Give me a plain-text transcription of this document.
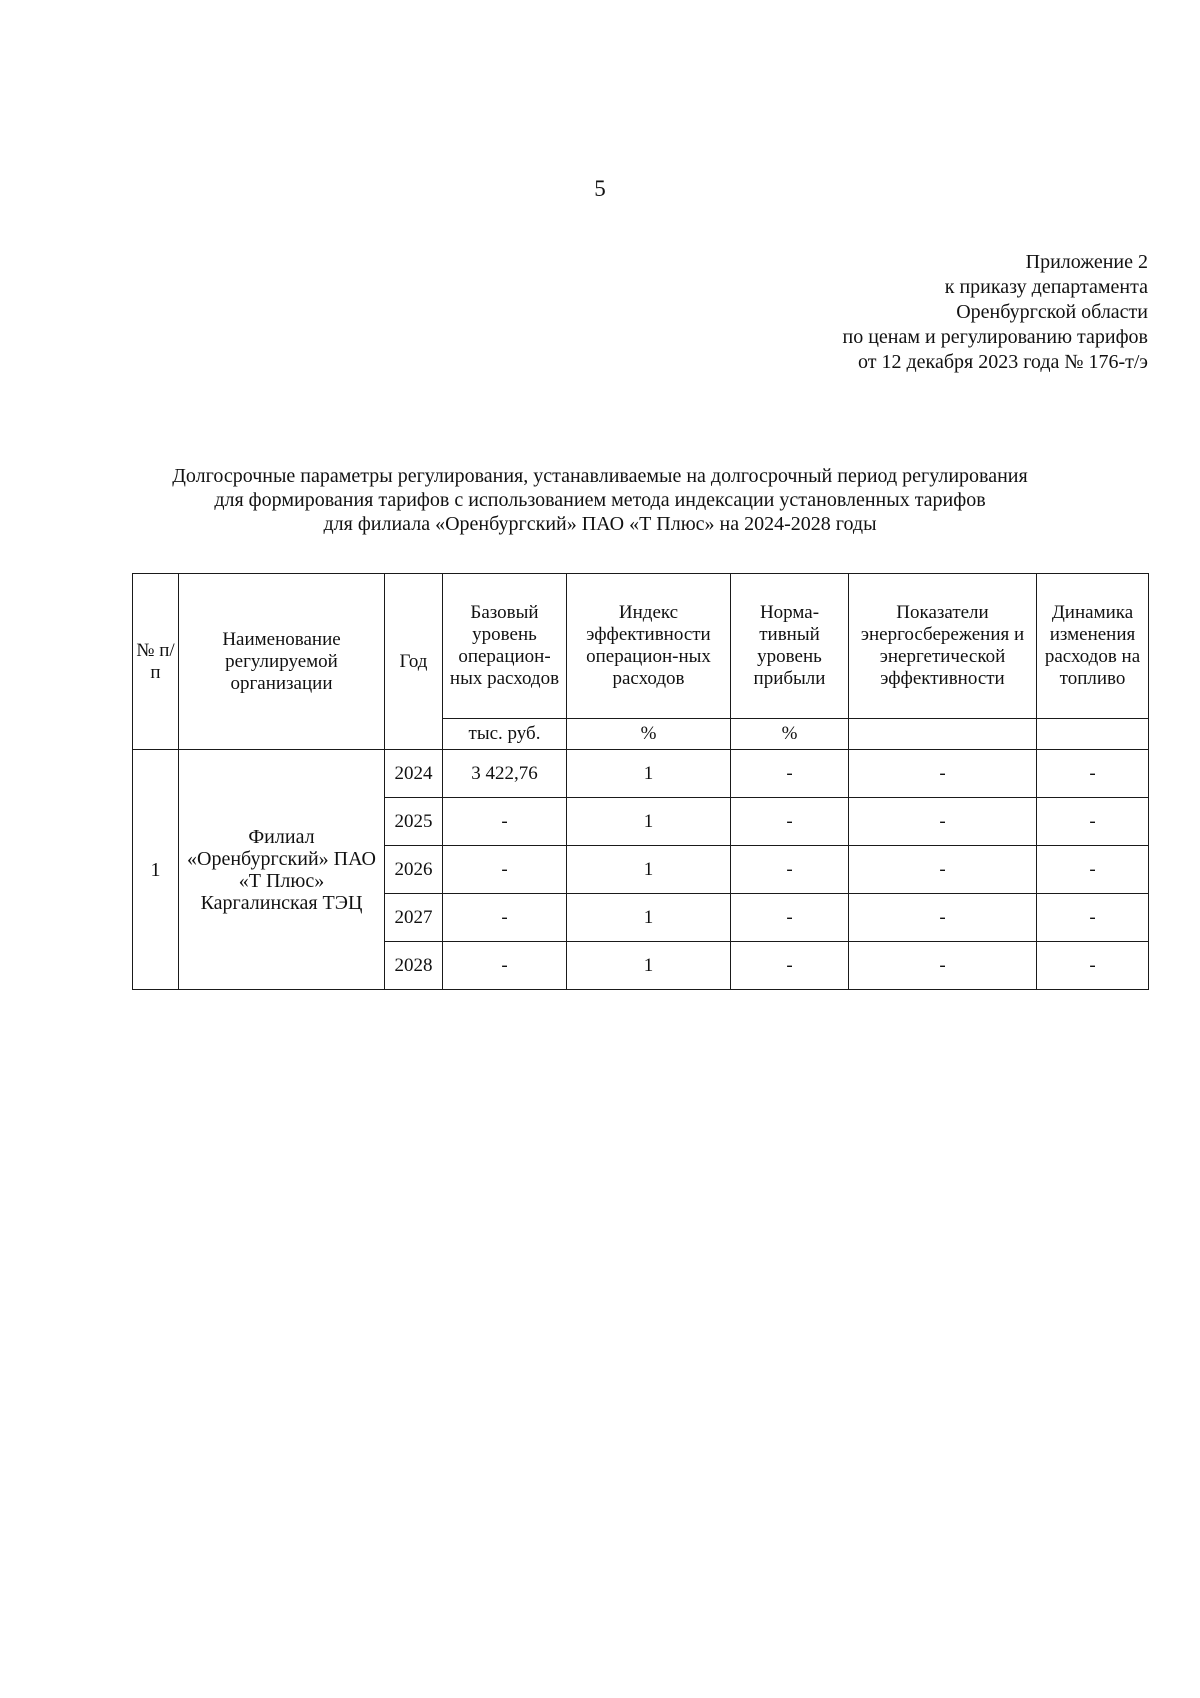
5
Приложение 2
к приказу департамента
Оренбургской области
по ценам и регулированию тарифов
от 12 декабря 2023 года № 176-т/э
Долгосрочные параметры регулирования, устанавливаемые на долгосрочный период регулирования
для формирования тарифов с использованием метода индексации установленных тарифов
для филиала «Оренбургский» ПАО «Т Плюс» на 2024-2028 годы
№ п/п	Наименование регулируемой организации	Год	Базовый уровень операцион-ных расходов	Индекс эффективности операцион-ных расходов	Норма-тивный уровень прибыли	Показатели энергосбережения и энергетической эффективности	Динамика изменения расходов на топливо
			тыс. руб.	%	%		
1	Филиал «Оренбургский» ПАО «Т Плюс» Каргалинская ТЭЦ	2024	3 422,76	1	-	-	-
		2025	-	1	-	-	-
		2026	-	1	-	-	-
		2027	-	1	-	-	-
		2028	-	1	-	-	-
